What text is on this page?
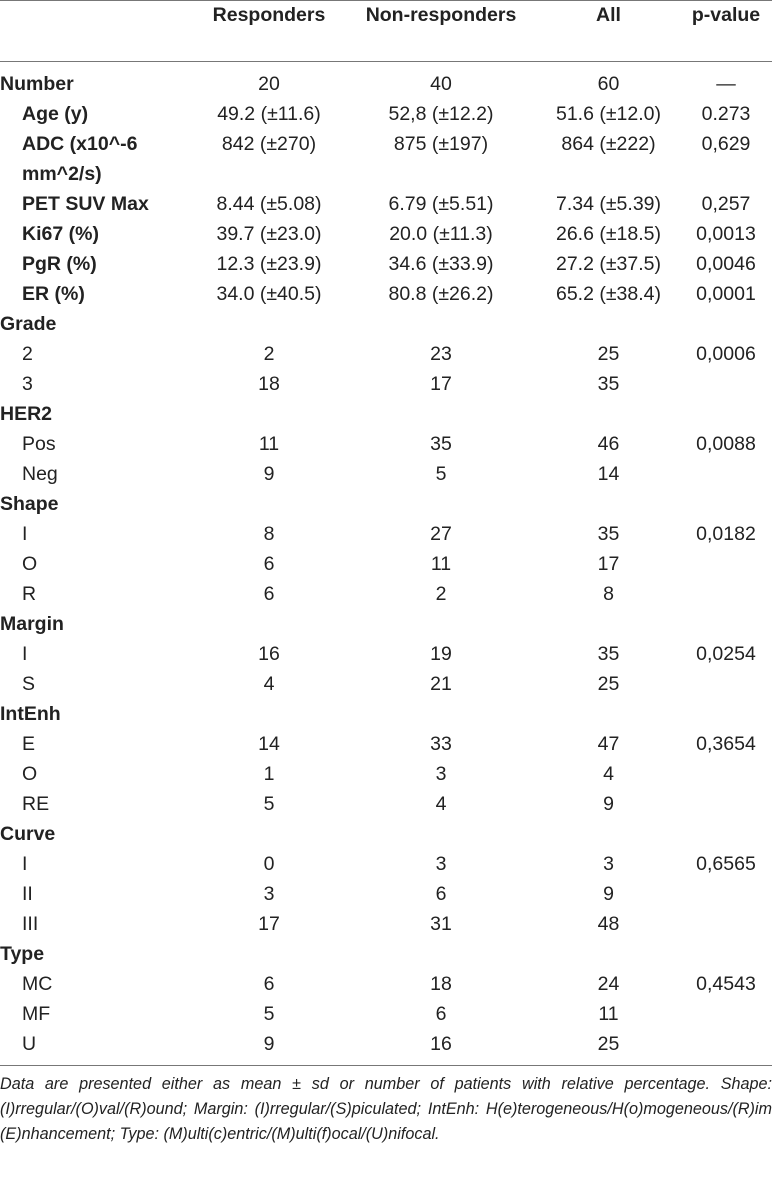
	Responders	Non-responders	All	p-value
Number	20	40	60	—
Age (y)	49.2 (±11.6)	52,8 (±12.2)	51.6 (±12.0)	0.273
ADC (x10^-6 mm^2/s)	842 (±270)	875 (±197)	864 (±222)	0,629
PET SUV Max	8.44 (±5.08)	6.79 (±5.51)	7.34 (±5.39)	0,257
Ki67 (%)	39.7 (±23.0)	20.0 (±11.3)	26.6 (±18.5)	0,0013
PgR (%)	12.3 (±23.9)	34.6 (±33.9)	27.2 (±37.5)	0,0046
ER (%)	34.0 (±40.5)	80.8 (±26.2)	65.2 (±38.4)	0,0001
Grade				
2	2	23	25	0,0006
3	18	17	35	
HER2				
Pos	11	35	46	0,0088
Neg	9	5	14	
Shape				
I	8	27	35	0,0182
O	6	11	17	
R	6	2	8	
Margin				
I	16	19	35	0,0254
S	4	21	25	
IntEnh				
E	14	33	47	0,3654
O	1	3	4	
RE	5	4	9	
Curve				
I	0	3	3	0,6565
II	3	6	9	
III	17	31	48	
Type				
MC	6	18	24	0,4543
MF	5	6	11	
U	9	16	25	

Data are presented either as mean ± sd or number of patients with relative percentage. Shape: (I)rregular/(O)val/(R)ound; Margin: (I)rregular/(S)piculated; IntEnh: H(e)terogeneous/H(o)mogeneous/(R)im (E)nhancement; Type: (M)ulti(c)entric/(M)ulti(f)ocal/(U)nifocal.
